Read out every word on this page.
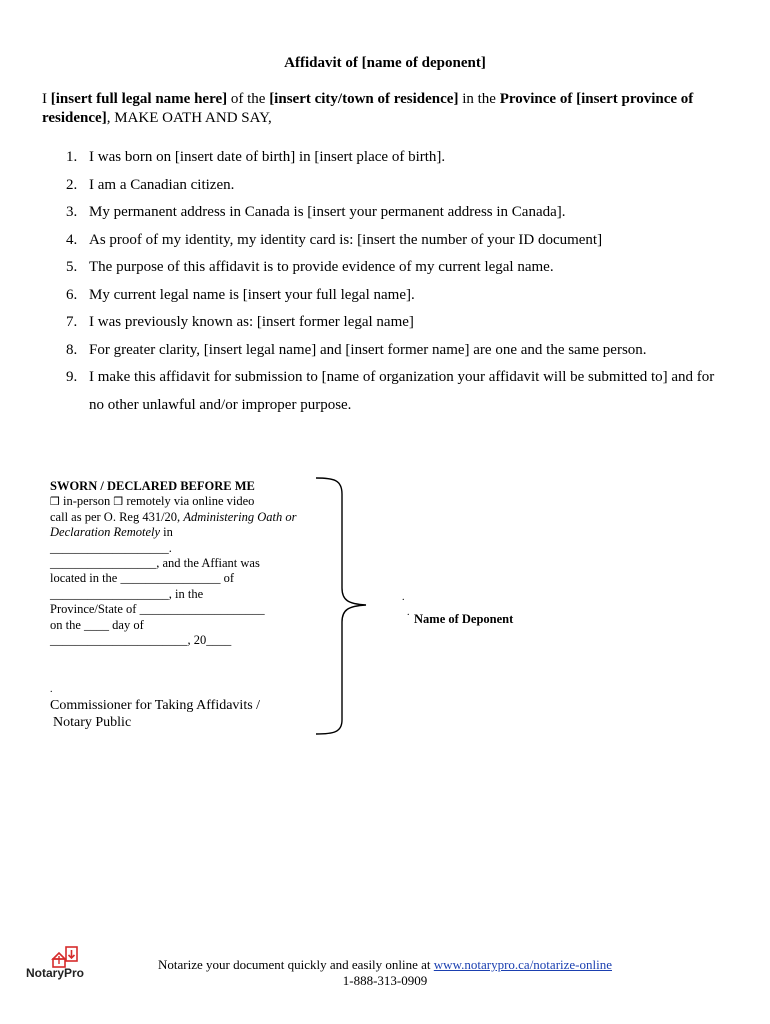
Affidavit of [name of deponent]
I [insert full legal name here] of the [insert city/town of residence] in the Province of [insert province of residence], MAKE OATH AND SAY,
1. I was born on [insert date of birth] in [insert place of birth].
2. I am a Canadian citizen.
3. My permanent address in Canada is [insert your permanent address in Canada].
4. As proof of my identity, my identity card is: [insert the number of your ID document]
5. The purpose of this affidavit is to provide evidence of my current legal name.
6. My current legal name is [insert your full legal name].
7. I was previously known as: [insert former legal name]
8. For greater clarity, [insert legal name] and [insert former name] are one and the same person.
9. I make this affidavit for submission to [name of organization your affidavit will be submitted to] and for no other unlawful and/or improper purpose.
SWORN / DECLARED BEFORE ME
❒ in-person ❒ remotely via online video
call as per O. Reg 431/20, Administering Oath or Declaration Remotely in
___________________.
_________________, and the Affiant was
located in the ________________ of
___________________, in the
Province/State of ____________________
on the ____ day of
______________________, 20____
.
Commissioner for Taking Affidavits /
Notary Public
.
. Name of Deponent
NotaryPro
Notarize your document quickly and easily online at www.notarypro.ca/notarize-online
1-888-313-0909
